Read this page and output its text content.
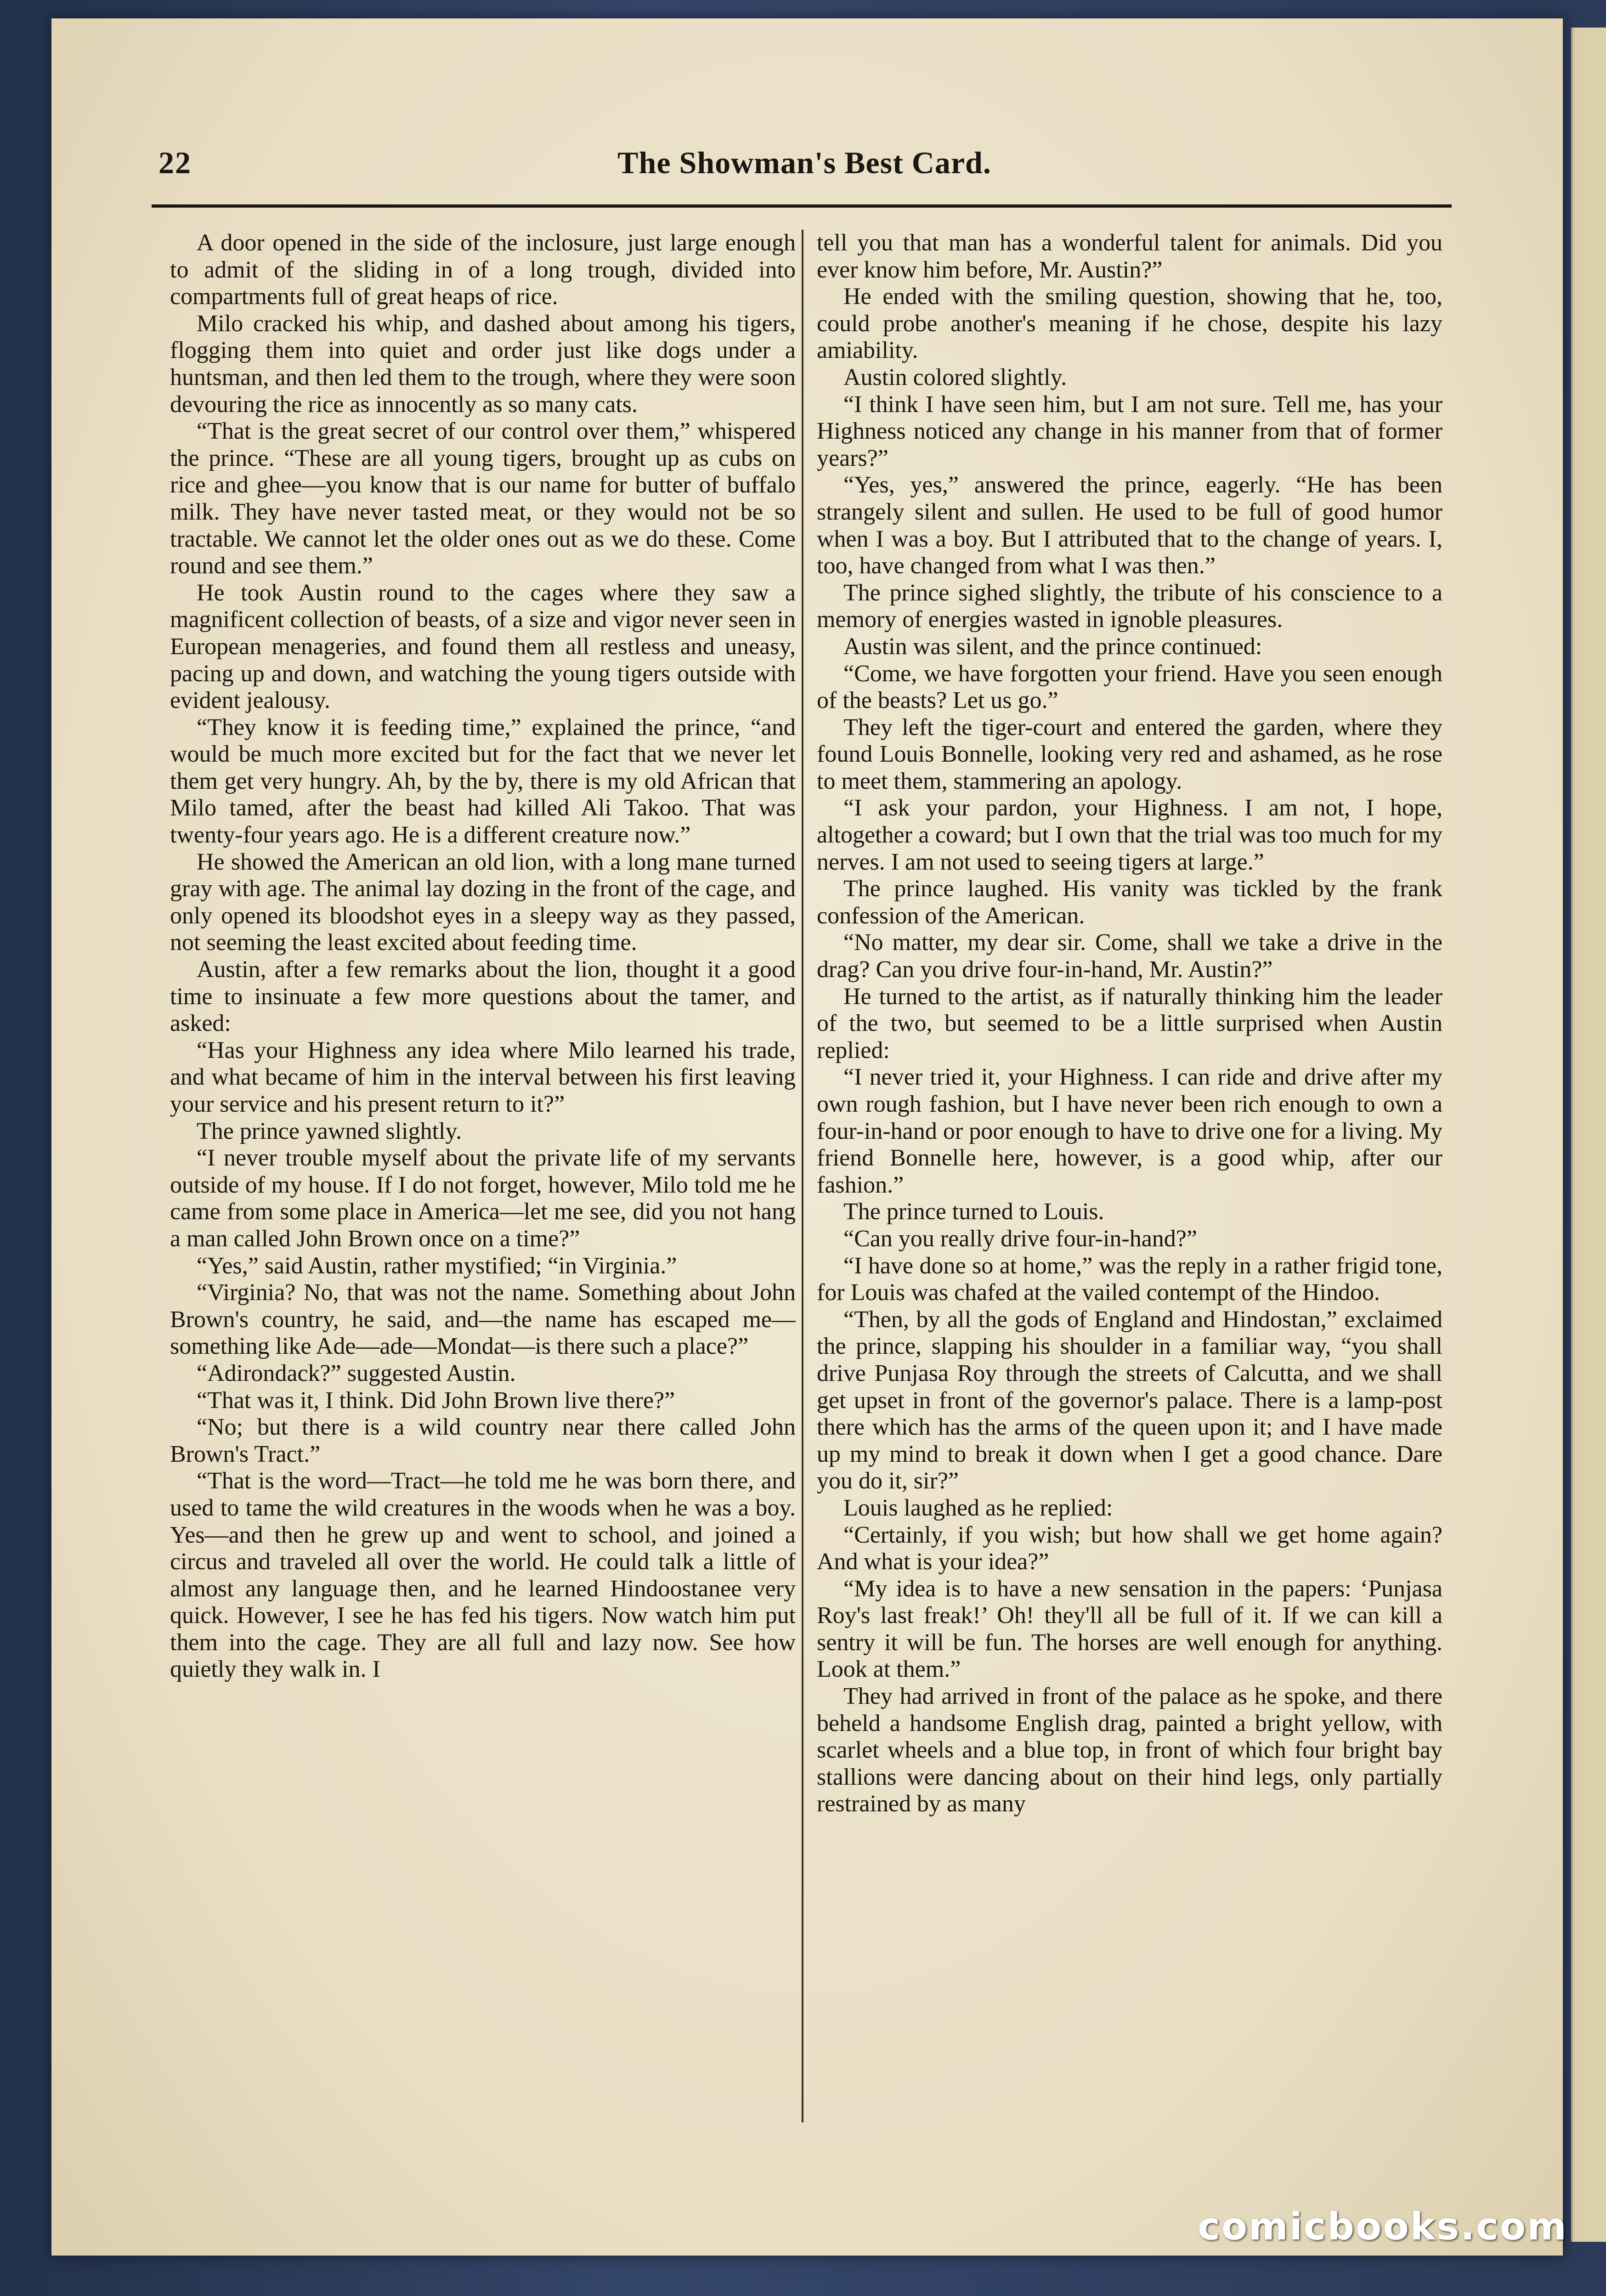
22	The Showman's Best Card.

A door opened in the side of the inclosure, just large enough to admit of the sliding in of a long trough, divided into compartments full of great heaps of rice.

Milo cracked his whip, and dashed about among his tigers, flogging them into quiet and order just like dogs under a huntsman, and then led them to the trough, where they were soon devouring the rice as innocently as so many cats.

“That is the great secret of our control over them,” whispered the prince. “These are all young tigers, brought up as cubs on rice and ghee—you know that is our name for butter of buffalo milk. They have never tasted meat, or they would not be so tractable. We cannot let the older ones out as we do these. Come round and see them.”

He took Austin round to the cages where they saw a magnificent collection of beasts, of a size and vigor never seen in European menageries, and found them all restless and uneasy, pacing up and down, and watching the young tigers outside with evident jealousy.

“They know it is feeding time,” explained the prince, “and would be much more excited but for the fact that we never let them get very hungry. Ah, by the by, there is my old African that Milo tamed, after the beast had killed Ali Takoo. That was twenty-four years ago. He is a different creature now.”

He showed the American an old lion, with a long mane turned gray with age. The animal lay dozing in the front of the cage, and only opened its bloodshot eyes in a sleepy way as they passed, not seeming the least excited about feeding time.

Austin, after a few remarks about the lion, thought it a good time to insinuate a few more questions about the tamer, and asked:

“Has your Highness any idea where Milo learned his trade, and what became of him in the interval between his first leaving your service and his present return to it?”

The prince yawned slightly.

“I never trouble myself about the private life of my servants outside of my house. If I do not forget, however, Milo told me he came from some place in America—let me see, did you not hang a man called John Brown once on a time?”

“Yes,” said Austin, rather mystified; “in Virginia.”

“Virginia? No, that was not the name. Something about John Brown's country, he said, and—the name has escaped me—something like Ade—ade—Mondat—is there such a place?”

“Adirondack?” suggested Austin.

“That was it, I think. Did John Brown live there?”

“No; but there is a wild country near there called John Brown's Tract.”

“That is the word—Tract—he told me he was born there, and used to tame the wild creatures in the woods when he was a boy. Yes—and then he grew up and went to school, and joined a circus and traveled all over the world. He could talk a little of almost any language then, and he learned Hindoostanee very quick. However, I see he has fed his tigers. Now watch him put them into the cage. They are all full and lazy now. See how quietly they walk in. I

tell you that man has a wonderful talent for animals. Did you ever know him before, Mr. Austin?”

He ended with the smiling question, showing that he, too, could probe another's meaning if he chose, despite his lazy amiability.

Austin colored slightly.

“I think I have seen him, but I am not sure. Tell me, has your Highness noticed any change in his manner from that of former years?”

“Yes, yes,” answered the prince, eagerly. “He has been strangely silent and sullen. He used to be full of good humor when I was a boy. But I attributed that to the change of years. I, too, have changed from what I was then.”

The prince sighed slightly, the tribute of his conscience to a memory of energies wasted in ignoble pleasures.

Austin was silent, and the prince continued:

“Come, we have forgotten your friend. Have you seen enough of the beasts? Let us go.”

They left the tiger-court and entered the garden, where they found Louis Bonnelle, looking very red and ashamed, as he rose to meet them, stammering an apology.

“I ask your pardon, your Highness. I am not, I hope, altogether a coward; but I own that the trial was too much for my nerves. I am not used to seeing tigers at large.”

The prince laughed. His vanity was tickled by the frank confession of the American.

“No matter, my dear sir. Come, shall we take a drive in the drag? Can you drive four-in-hand, Mr. Austin?”

He turned to the artist, as if naturally thinking him the leader of the two, but seemed to be a little surprised when Austin replied:

“I never tried it, your Highness. I can ride and drive after my own rough fashion, but I have never been rich enough to own a four-in-hand or poor enough to have to drive one for a living. My friend Bonnelle here, however, is a good whip, after our fashion.”

The prince turned to Louis.

“Can you really drive four-in-hand?”

“I have done so at home,” was the reply in a rather frigid tone, for Louis was chafed at the vailed contempt of the Hindoo.

“Then, by all the gods of England and Hindostan,” exclaimed the prince, slapping his shoulder in a familiar way, “you shall drive Punjasa Roy through the streets of Calcutta, and we shall get upset in front of the governor's palace. There is a lamp-post there which has the arms of the queen upon it; and I have made up my mind to break it down when I get a good chance. Dare you do it, sir?”

Louis laughed as he replied:

“Certainly, if you wish; but how shall we get home again? And what is your idea?”

“My idea is to have a new sensation in the papers: ‘Punjasa Roy's last freak!’ Oh! they'll all be full of it. If we can kill a sentry it will be fun. The horses are well enough for anything. Look at them.”

They had arrived in front of the palace as he spoke, and there beheld a handsome English drag, painted a bright yellow, with scarlet wheels and a blue top, in front of which four bright bay stallions were dancing about on their hind legs, only partially restrained by as many

comicbooks.com
